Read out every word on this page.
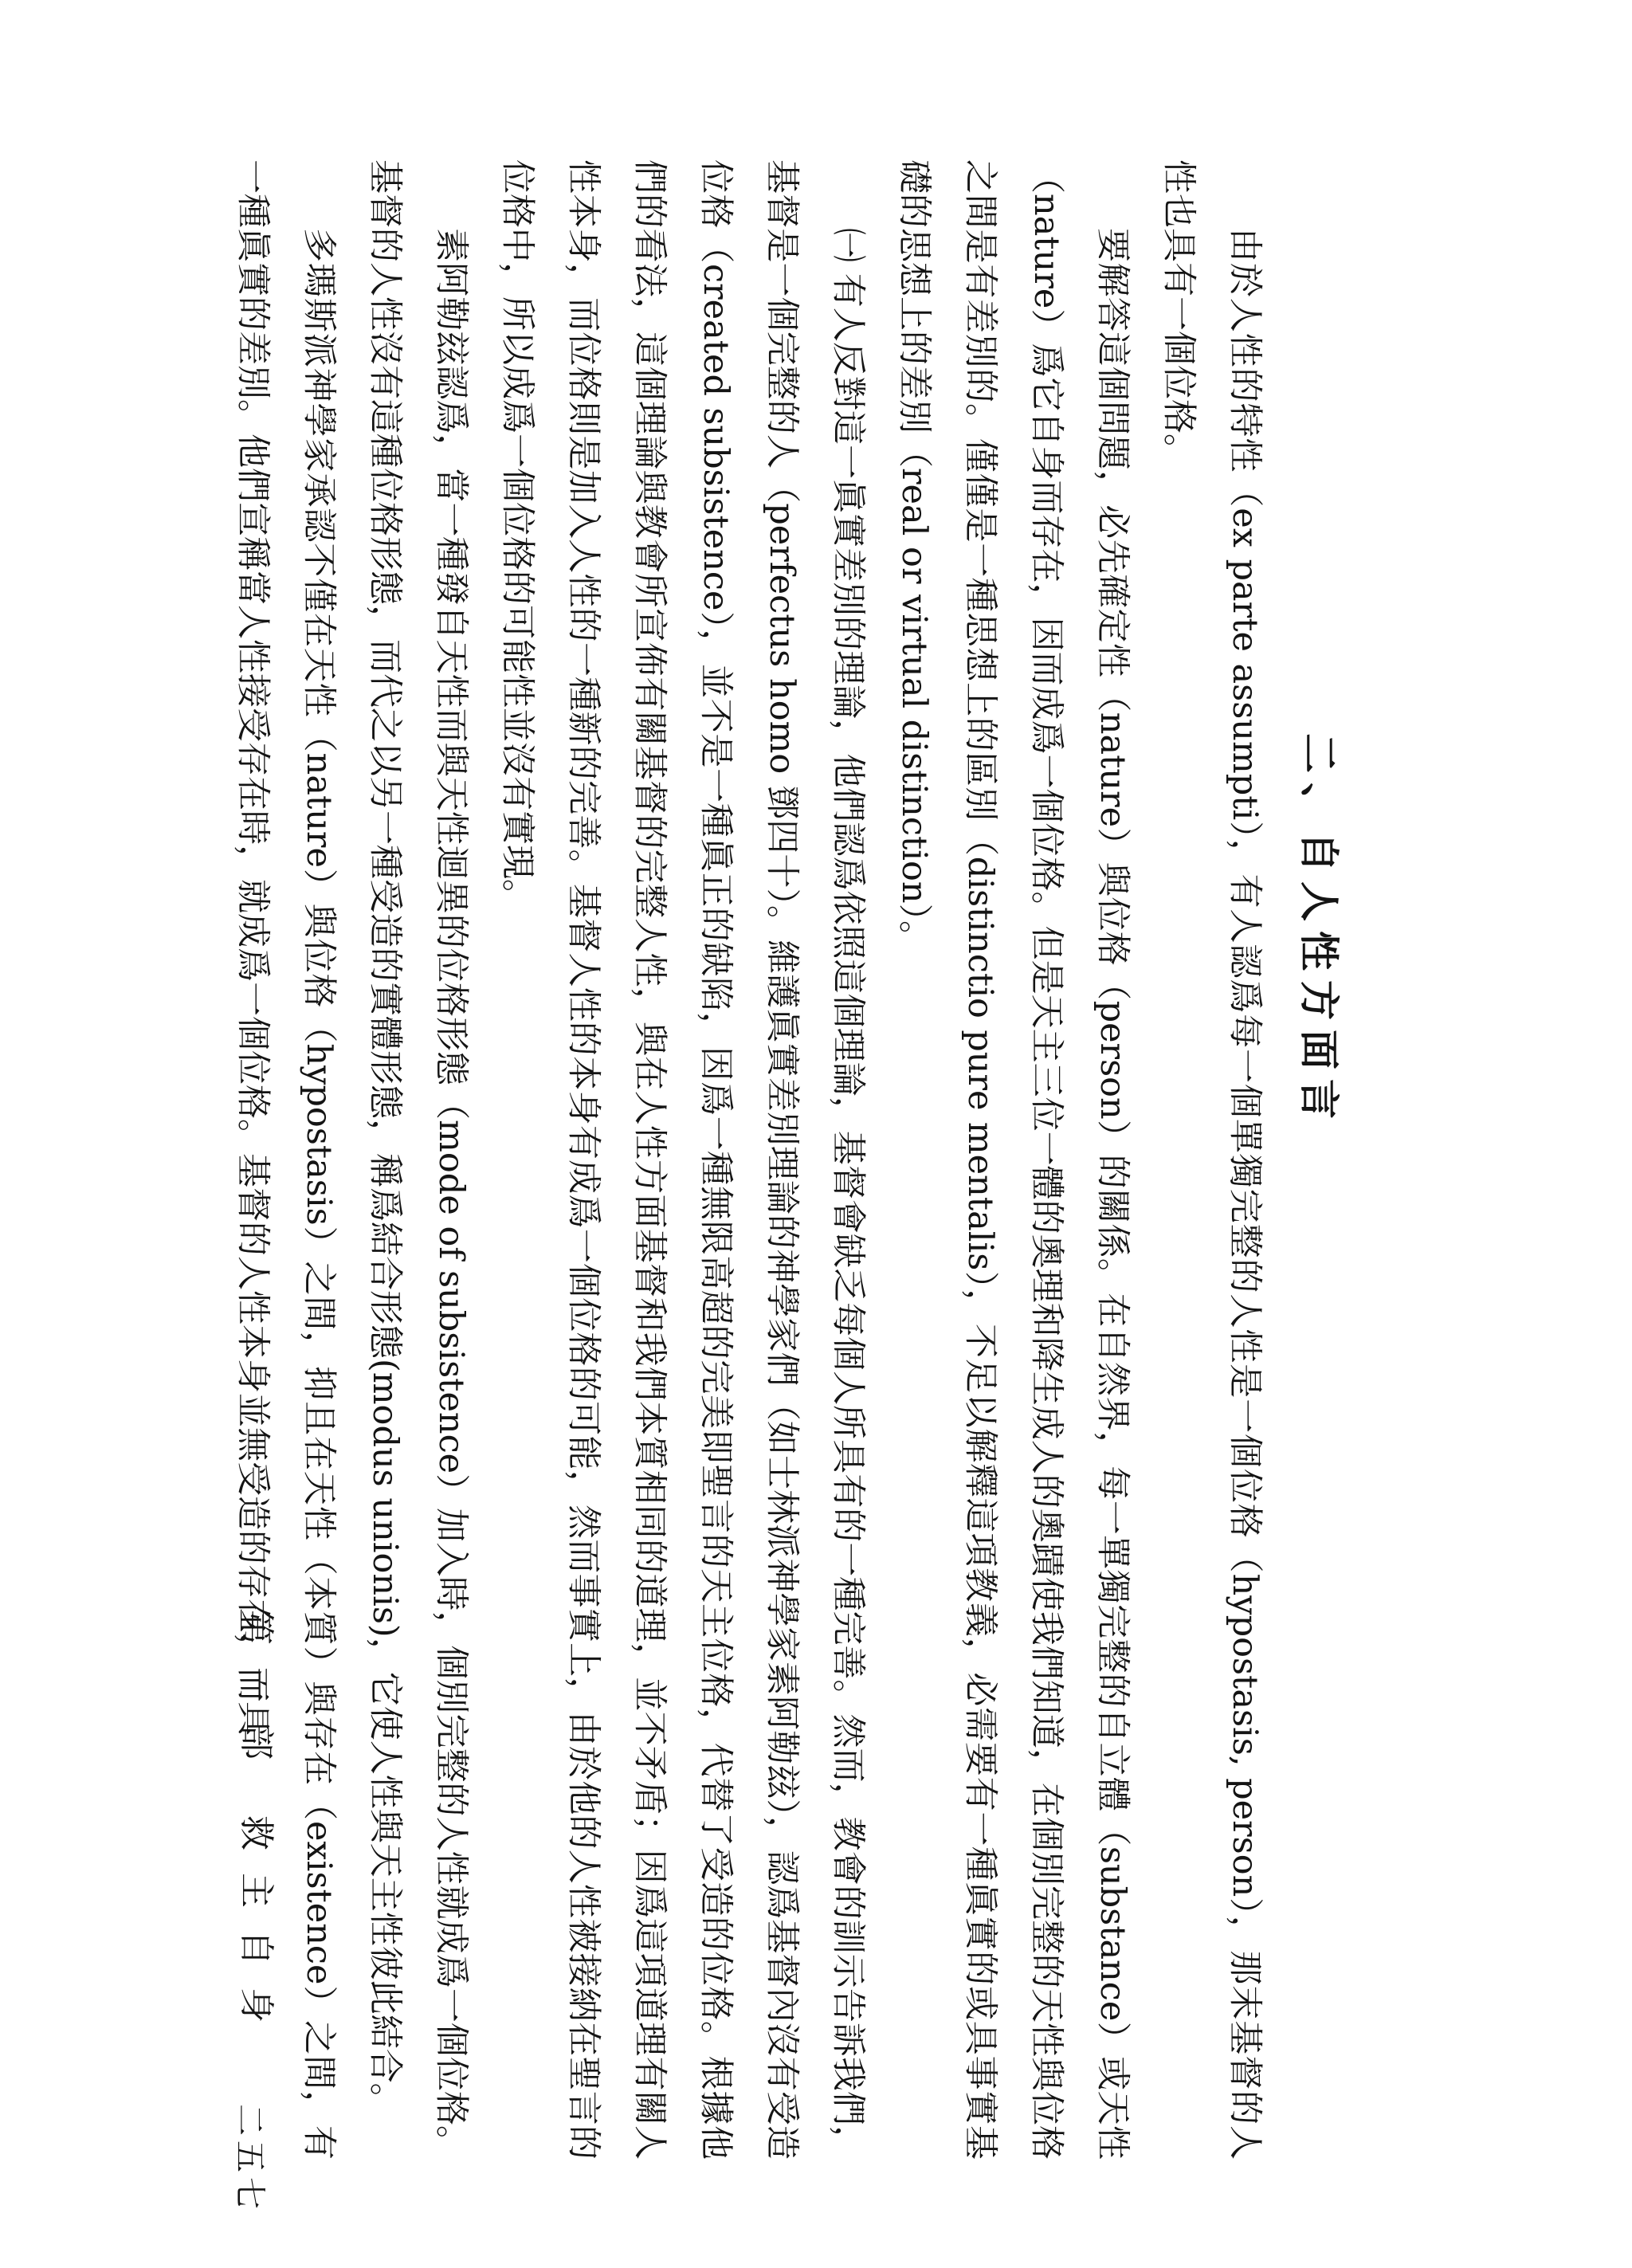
二、自人性方面言

由於人性的特性（ex parte assumpti），有人認爲每一個單獨完整的人性是一個位格（hypostasis, person），那末基督的人性也具有一個位格。

要解答這個問題，必先確定性（nature）與位格（person）的關係。在自然界，每一單獨完整的自立體（substance）或天性（nature）爲它自身而存在，因而成爲一個位格。但是天主三位一體的奧理和降生成人的奧蹟使我們知道，在個別完整的天性與位格之間是有差別的。僅僅是一種思想上的區別（distinctio pure mentalis），不足以解釋這項教義，必需要有一種眞實的或具事實基礎的思想上的差別（real or virtual distinction）。

㈠ 有人反對這一眞實差別的理論，他們認爲依照這個理論，基督會缺乏每個人所具有的一種完善。然而，教會的訓示告訴我們，基督是一個完整的人（perfectus homo 鄧四十）。維護眞實差別理論的神學家們（如士林派神學家素阿勒玆），認爲基督內沒有受造位格（created subsistence），並不是一種眞正的缺陷，因爲一種無限高超的完美即聖言的天主位格，代替了受造的位格。根據他們的看法，這個理論與教會所宣佈有關基督的完整人性，與在人性方面基督和我們本質相同的道理，並不矛盾；因爲這項道理有關人性本身，而位格則是加入人性的一種新的完善。基督人性的本身有成爲一個位格的可能，然而事實上，由於他的人性被接納在聖言的位格中，所以成爲一個位格的可能性並沒有實現。

素阿勒玆認爲，當一種發自天性而與天性迴異的位格形態（mode of subsistence）加入時，個別完整的人性就成爲一個位格。基督的人性沒有這種位格形態，而代之以另一種受造的實體形態，稱爲結合形態(modus unionis)，它使人性與天主性彼此結合。

多瑪斯派神學家承認不僅在天性（nature）與位格（hypostasis）之間，抑且在天性（本質）與存在（existence）之間，有一種眞實的差別。他們宣稱當人性接受存在時，就成爲一個位格。基督的人性本身並無受造的存在，而具

第一部 救主自身
二五七
